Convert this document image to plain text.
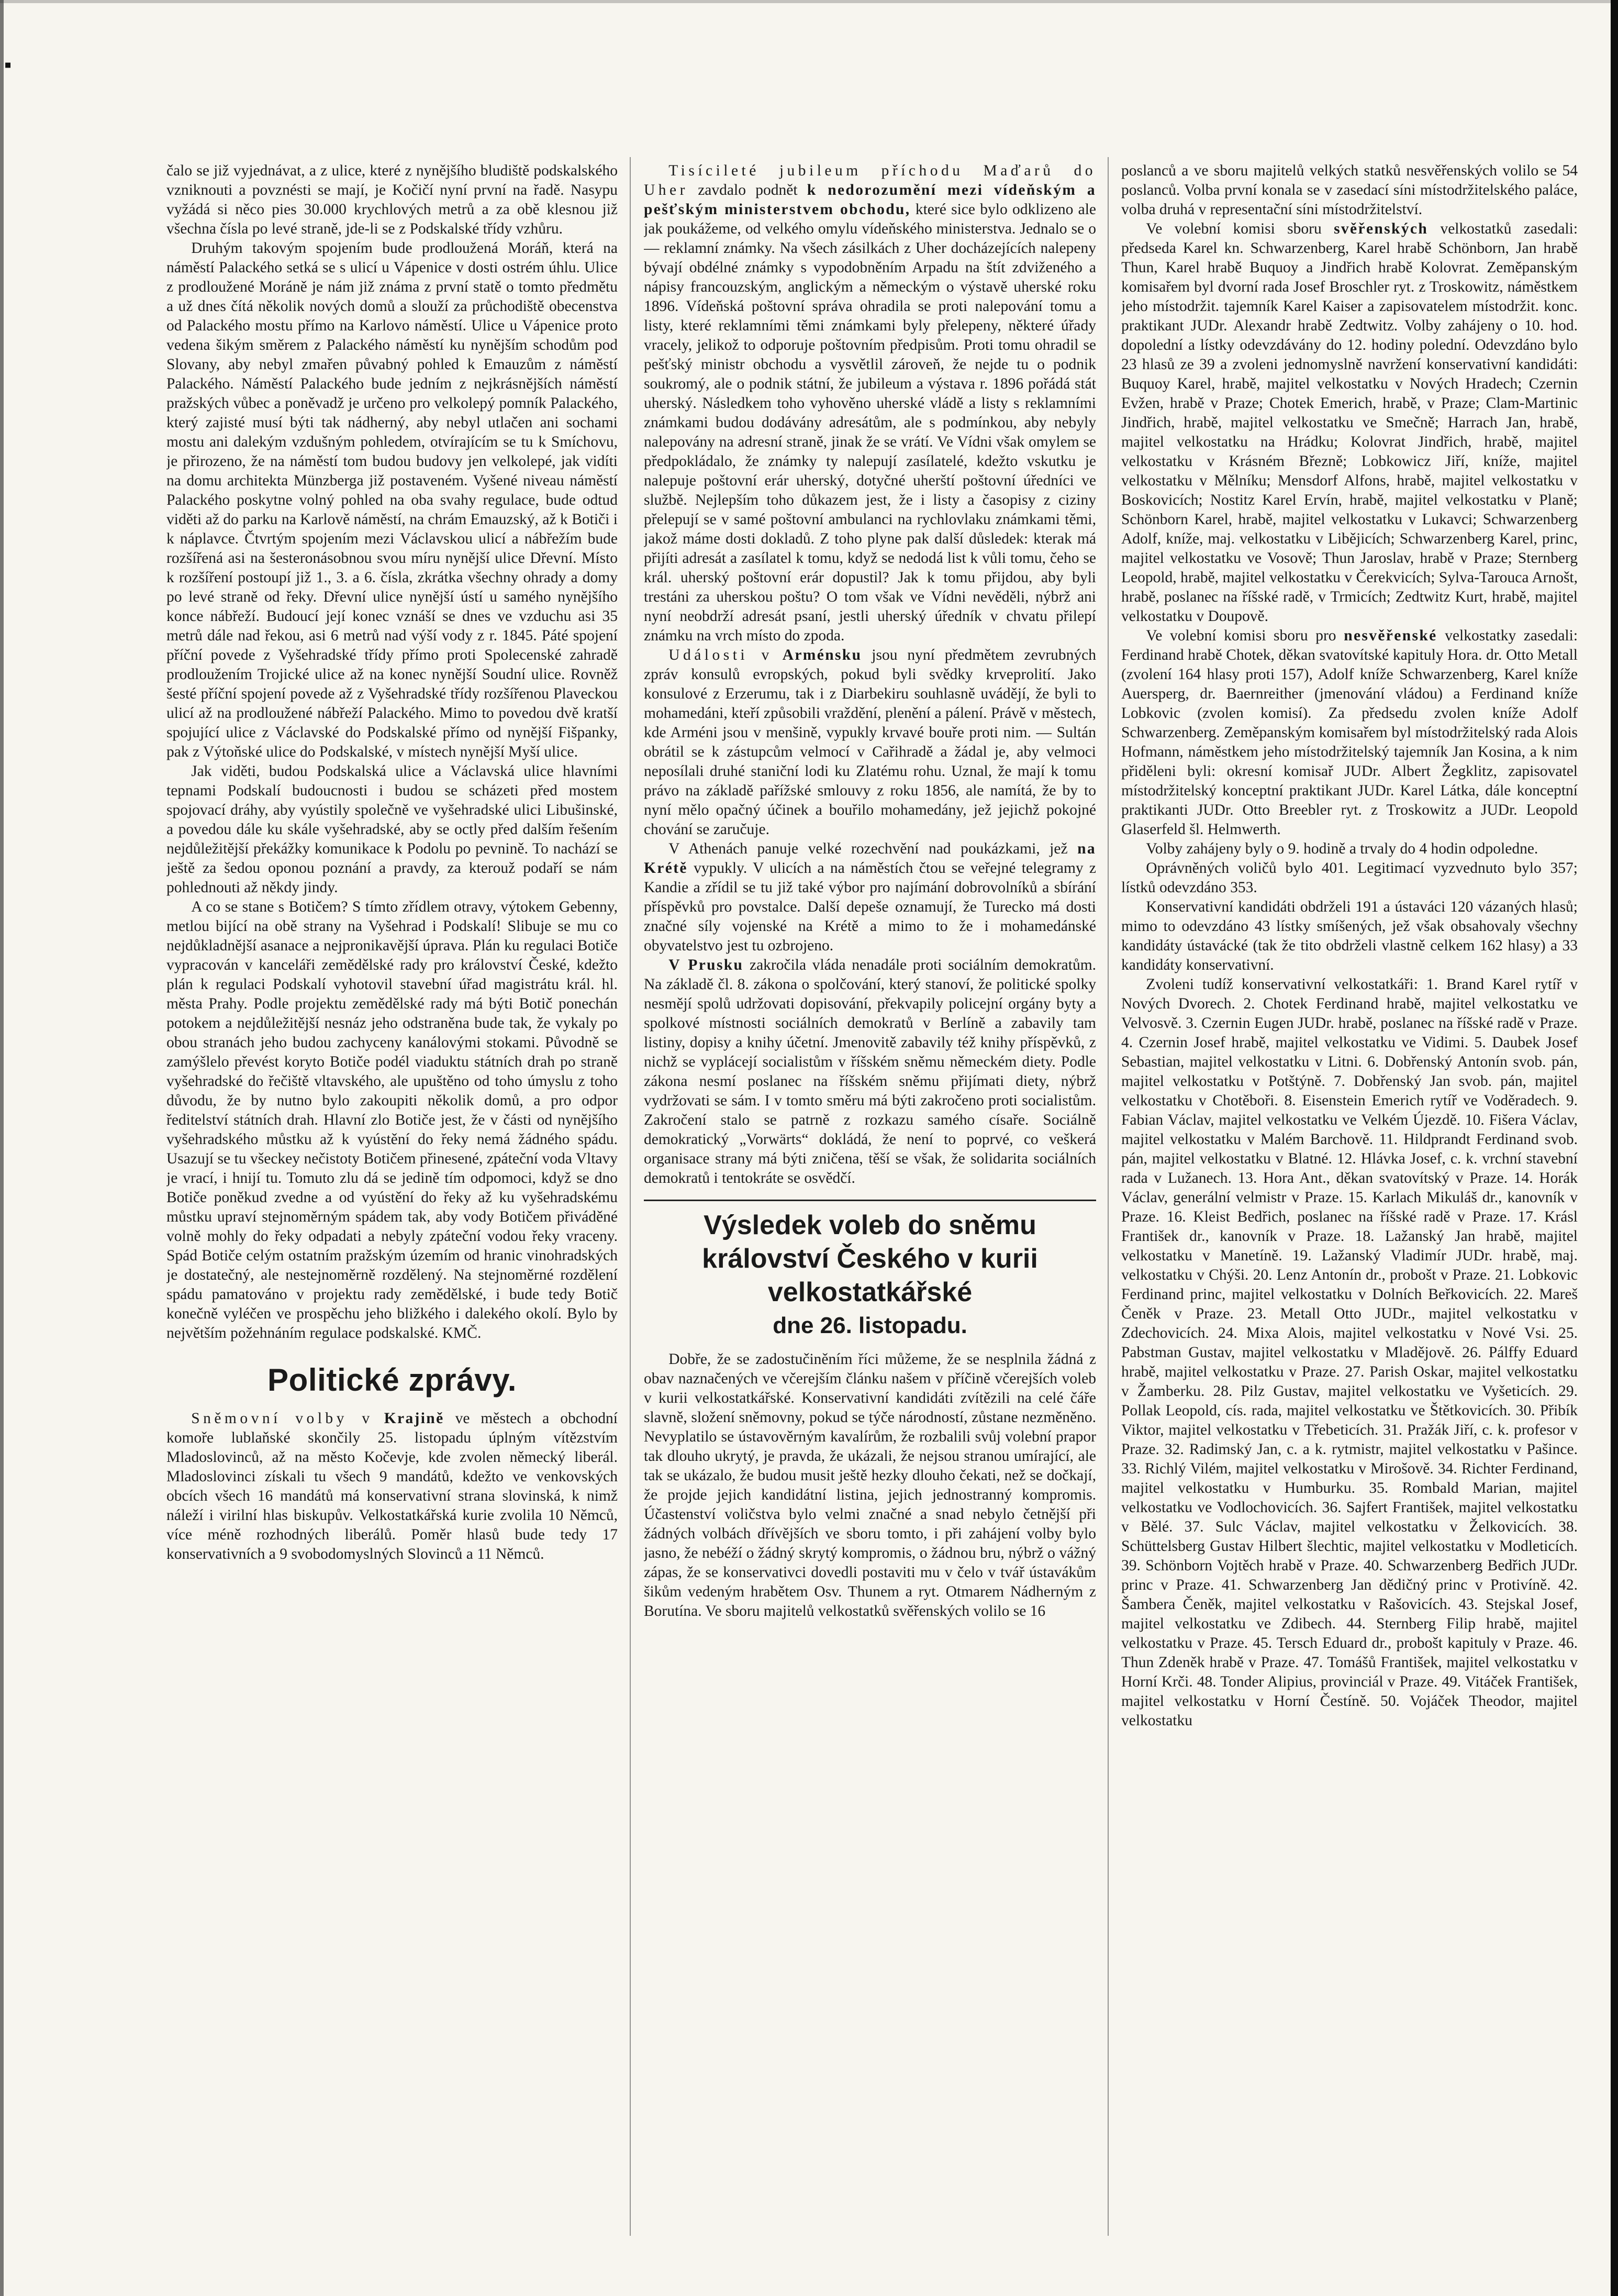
▪

čalo se již vyjednávat, a z ulice, které z nynějšího bludiště podskalského vzniknouti a povznésti se mají, je Kočičí nyní první na řadě. Nasypu vyžádá si něco pies 30.000 krychlových metrů a za obě klesnou již všechna čísla po levé straně, jde-li se z Podskalské třídy vzhůru.

Druhým takovým spojením bude prodloužená Moráň, která na náměstí Palackého setká se s ulicí u Vápenice v dosti ostrém úhlu. Ulice z prodloužené Moráně je nám již známa z první statě o tomto předmětu a už dnes čítá několik nových domů a slouží za průchodiště obecenstva od Palackého mostu přímo na Karlovo náměstí. Ulice u Vápenice proto vedena šikým směrem z Palackého náměstí ku nynějším schodům pod Slovany, aby nebyl zmařen půvabný pohled k Emauzům z náměstí Palackého. Náměstí Palackého bude jedním z nejkrásnějších náměstí pražských vůbec a poněvadž je určeno pro velkolepý pomník Palackého, který zajisté musí býti tak nádherný, aby nebyl utlačen ani sochami mostu ani dalekým vzdušným pohledem, otvírajícím se tu k Smíchovu, je přirozeno, že na náměstí tom budou budovy jen velkolepé, jak vidíti na domu architekta Münzberga již postaveném. Vyšené niveau náměstí Palackého poskytne volný pohled na oba svahy regulace, bude odtud viděti až do parku na Karlově náměstí, na chrám Emauzský, až k Botiči i k náplavce. Čtvrtým spojením mezi Václavskou ulicí a nábřežím bude rozšířená asi na šesteronásobnou svou míru nynější ulice Dřevní. Místo k rozšíření postoupí již 1., 3. a 6. čísla, zkrátka všechny ohrady a domy po levé straně od řeky. Dřevní ulice nynější ústí u samého nynějšího konce nábřeží. Budoucí její konec vznáší se dnes ve vzduchu asi 35 metrů dále nad řekou, asi 6 metrů nad výší vody z r. 1845. Páté spojení příční povede z Vyšehradské třídy přímo proti Spolecenské zahradě prodloužením Trojické ulice až na konec nynější Soudní ulice. Rovněž šesté příční spojení povede až z Vyšehradské třídy rozšířenou Plaveckou ulicí až na prodloužené nábřeží Palackého. Mimo to povedou dvě kratší spojující ulice z Václavské do Podskalské přímo od nynější Fišpanky, pak z Výtoňské ulice do Podskalské, v místech nynější Myší ulice.

Jak viděti, budou Podskalská ulice a Václavská ulice hlavními tepnami Podskalí budoucnosti i budou se scházeti před mostem spojovací dráhy, aby vyústily společně ve vyšehradské ulici Libušinské, a povedou dále ku skále vyšehradské, aby se octly před dalším řešením nejdůležitější překážky komunikace k Podolu po pevnině. To nachází se ještě za šedou oponou poznání a pravdy, za kterouž podaří se nám pohlednouti až někdy jindy.

A co se stane s Botičem? S tímto zřídlem otravy, výtokem Gebenny, metlou bijící na obě strany na Vyšehrad i Podskalí! Slibuje se mu co nejdůkladnější asanace a nejpronikavější úprava. Plán ku regulaci Botiče vypracován v kanceláři zemědělské rady pro království České, kdežto plán k regulaci Podskalí vyhotovil stavební úřad magistrátu král. hl. města Prahy. Podle projektu zemědělské rady má býti Botič ponechán potokem a nejdůležitější nesnáz jeho odstraněna bude tak, že vykaly po obou stranách jeho budou zachyceny kanálovými stokami. Původně se zamýšlelo převést koryto Botiče podél viaduktu státních drah po straně vyšehradské do řečiště vltavského, ale upuštěno od toho úmyslu z toho důvodu, že by nutno bylo zakoupiti několik domů, a pro odpor ředitelství státních drah. Hlavní zlo Botiče jest, že v části od nynějšího vyšehradského můstku až k vyústění do řeky nemá žádného spádu. Usazují se tu všeckey nečistoty Botičem přinesené, zpáteční voda Vltavy je vrací, i hnijí tu. Tomuto zlu dá se jedině tím odpomoci, když se dno Botiče poněkud zvedne a od vyústění do řeky až ku vyšehradskému můstku upraví stejnoměrným spádem tak, aby vody Botičem přiváděné volně mohly do řeky odpadati a nebyly zpáteční vodou řeky vraceny. Spád Botiče celým ostatním pražským územím od hranic vinohradských je dostatečný, ale nestejnoměrně rozdělený. Na stejnoměrné rozdělení spádu pamatováno v projektu rady zemědělské, i bude tedy Botič konečně vyléčen ve prospěchu jeho bližkého i dalekého okolí. Bylo by největším požehnáním regulace podskalské. KMČ.

Politické zprávy.

Sněmovní volby v Krajině ve městech a obchodní komoře lublaňské skončily 25. listopadu úplným vítězstvím Mladoslovinců, až na město Kočevje, kde zvolen německý liberál. Mladoslovinci získali tu všech 9 mandátů, kdežto ve venkovských obcích všech 16 mandátů má konservativní strana slovinská, k nimž náleží i virilní hlas biskupův. Velkostatkářská kurie zvolila 10 Němců, více méně rozhodných liberálů. Poměr hlasů bude tedy 17 konservativních a 9 svobodomyslných Slovinců a 11 Němců.

Tisícileté jubileum příchodu Maďarů do Uher zavdalo podnět k nedorozumění mezi vídeňským a pešťským ministerstvem obchodu, které sice bylo odklizeno ale jak poukážeme, od velkého omylu vídeňského ministerstva. Jednalo se o — reklamní známky. Na všech zásilkách z Uher docházejících nalepeny bývají obdélné známky s vypodobněním Arpadu na štít zdviženého a nápisy francouzským, anglickým a německým o výstavě uherské roku 1896. Vídeňská poštovní správa ohradila se proti nalepování tomu a listy, které reklamními těmi známkami byly přelepeny, některé úřady vracely, jelikož to odporuje poštovním předpisům. Proti tomu ohradil se pešťský ministr obchodu a vysvětlil zároveň, že nejde tu o podnik soukromý, ale o podnik státní, že jubileum a výstava r. 1896 pořádá stát uherský. Následkem toho vyhověno uherské vládě a listy s reklamními známkami budou dodávány adresátům, ale s podmínkou, aby nebyly nalepovány na adresní straně, jinak že se vrátí. Ve Vídni však omylem se předpokládalo, že známky ty nalepují zasílatelé, kdežto vskutku je nalepuje poštovní erár uherský, dotyčné uherští poštovní úředníci ve službě. Nejlepším toho důkazem jest, že i listy a časopisy z ciziny přelepují se v samé poštovní ambulanci na rychlovlaku známkami těmi, jakož máme dosti dokladů. Z toho plyne pak další důsledek: kterak má přijíti adresát a zasílatel k tomu, když se nedodá list k vůli tomu, čeho se král. uherský poštovní erár dopustil? Jak k tomu přijdou, aby byli trestáni za uherskou poštu? O tom však ve Vídni nevěděli, nýbrž ani nyní neobdrží adresát psaní, jestli uherský úředník v chvatu přilepí známku na vrch místo do zpoda.

Události v Arménsku jsou nyní předmětem zevrubných zpráv konsulů evropských, pokud byli svědky krveprolití. Jako konsulové z Erzerumu, tak i z Diarbekiru souhlasně uvádějí, že byli to mohamedáni, kteří způsobili vraždění, plenění a pálení. Právě v městech, kde Arméni jsou v menšině, vypukly krvavé bouře proti nim. — Sultán obrátil se k zástupcům velmocí v Cařihradě a žádal je, aby velmoci neposílali druhé staniční lodi ku Zlatému rohu. Uznal, že mají k tomu právo na základě pařížské smlouvy z roku 1856, ale namítá, že by to nyní mělo opačný účinek a bouřilo mohamedány, jež jejichž pokojné chování se zaručuje.

V Athenách panuje velké rozechvění nad poukázkami, jež na Krétě vypukly. V ulicích a na náměstích čtou se veřejné telegramy z Kandie a zřídil se tu již také výbor pro najímání dobrovolníků a sbírání příspěvků pro povstalce. Další depeše oznamují, že Turecko má dosti značné síly vojenské na Krétě a mimo to že i mohamedánské obyvatelstvo jest tu ozbrojeno.

V Prusku zakročila vláda nenadále proti sociálním demokratům. Na základě čl. 8. zákona o spolčování, který stanoví, že politické spolky nesmějí spolů udržovati dopisování, překvapily policejní orgány byty a spolkové místnosti sociálních demokratů v Berlíně a zabavily tam listiny, dopisy a knihy účetní. Jmenovitě zabavily též knihy příspěvků, z nichž se vyplácejí socialistům v říšském sněmu německém diety. Podle zákona nesmí poslanec na říšském sněmu přijímati diety, nýbrž vydržovati se sám. I v tomto směru má býti zakročeno proti socialistům. Zakročení stalo se patrně z rozkazu samého císaře. Sociálně demokratický „Vorwärts“ dokládá, že není to poprvé, co veškerá organisace strany má býti zničena, těší se však, že solidarita sociálních demokratů i tentokráte se osvědčí.

Výsledek voleb do sněmu království Českého v kurii velkostatkářské
dne 26. listopadu.

Dobře, že se zadostučiněním říci můžeme, že se nesplnila žádná z obav naznačených ve včerejším článku našem v příčině včerejších voleb v kurii velkostatkářské. Konservativní kandidáti zvítězili na celé čáře slavně, složení sněmovny, pokud se týče národností, zůstane nezměněno. Nevyplatilo se ústavověrným kavalírům, že rozbalili svůj volební prapor tak dlouho ukrytý, je pravda, že ukázali, že nejsou stranou umírající, ale tak se ukázalo, že budou musit ještě hezky dlouho čekati, než se dočkají, že projde jejich kandidátní listina, jejich jednostranný kompromis. Účastenství voličstva bylo velmi značné a snad nebylo četnější při žádných volbách dřívějších ve sboru tomto, i při zahájení volby bylo jasno, že nebéží o žádný skrytý kompromis, o žádnou bru, nýbrž o vážný zápas, že se konservativci dovedli postaviti mu v čelo v tvář ústavákům šikům vedeným hrabětem Osv. Thunem a ryt. Otmarem Nádherným z Borutína. Ve sboru majitelů velkostatků svěřenských volilo se 16

poslanců a ve sboru majitelů velkých statků nesvěřenských volilo se 54 poslanců. Volba první konala se v zasedací síni místodržitelského paláce, volba druhá v representační síni místodržitelství.

Ve volební komisi sboru svěřenských velkostatků zasedali: předseda Karel kn. Schwarzenberg, Karel hrabě Schönborn, Jan hrabě Thun, Karel hrabě Buquoy a Jindřich hrabě Kolovrat. Zeměpanským komisařem byl dvorní rada Josef Broschler ryt. z Troskowitz, náměstkem jeho místodržit. tajemník Karel Kaiser a zapisovatelem místodržit. konc. praktikant JUDr. Alexandr hrabě Zedtwitz. Volby zahájeny o 10. hod. dopolední a lístky odevzdávány do 12. hodiny polední. Odevzdáno bylo 23 hlasů ze 39 a zvoleni jednomyslně navržení konservativní kandidáti: Buquoy Karel, hrabě, majitel velkostatku v Nových Hradech; Czernin Evžen, hrabě v Praze; Chotek Emerich, hrabě, v Praze; Clam-Martinic Jindřich, hrabě, majitel velkostatku ve Smečně; Harrach Jan, hrabě, majitel velkostatku na Hrádku; Kolovrat Jindřich, hrabě, majitel velkostatku v Krásném Březně; Lobkowicz Jiří, kníže, majitel velkostatku v Mělníku; Mensdorf Alfons, hrabě, majitel velkostatku v Boskovicích; Nostitz Karel Ervín, hrabě, majitel velkostatku v Planě; Schönborn Karel, hrabě, majitel velkostatku v Lukavci; Schwarzenberg Adolf, kníže, maj. velkostatku v Libějicích; Schwarzenberg Karel, princ, majitel velkostatku ve Vosově; Thun Jaroslav, hrabě v Praze; Sternberg Leopold, hrabě, majitel velkostatku v Čerekvicích; Sylva-Tarouca Arnošt, hrabě, poslanec na říšské radě, v Trmicích; Zedtwitz Kurt, hrabě, majitel velkostatku v Doupově.

Ve volební komisi sboru pro nesvěřenské velkostatky zasedali: Ferdinand hrabě Chotek, děkan svatovítské kapituly Hora. dr. Otto Metall (zvolení 164 hlasy proti 157), Adolf kníže Schwarzenberg, Karel kníže Auersperg, dr. Baernreither (jmenování vládou) a Ferdinand kníže Lobkovic (zvolen komisí). Za předsedu zvolen kníže Adolf Schwarzenberg. Zeměpanským komisařem byl místodržitelský rada Alois Hofmann, náměstkem jeho místodržitelský tajemník Jan Kosina, a k nim přiděleni byli: okresní komisař JUDr. Albert Žegklitz, zapisovatel místodržitelský konceptní praktikant JUDr. Karel Látka, dále konceptní praktikanti JUDr. Otto Breebler ryt. z Troskowitz a JUDr. Leopold Glaserfeld šl. Helmwerth.

Volby zahájeny byly o 9. hodině a trvaly do 4 hodin odpoledne.

Oprávněných voličů bylo 401. Legitimací vyzvednuto bylo 357; lístků odevzdáno 353.

Konservativní kandidáti obdrželi 191 a ústaváci 120 vázaných hlasů; mimo to odevzdáno 43 lístky smíšených, jež však obsahovaly všechny kandidáty ústavácké (tak že tito obdrželi vlastně celkem 162 hlasy) a 33 kandidáty konservativní.

Zvoleni tudíž konservativní velkostatkáři: 1. Brand Karel rytíř v Nových Dvorech. 2. Chotek Ferdinand hrabě, majitel velkostatku ve Velvosvě. 3. Czernin Eugen JUDr. hrabě, poslanec na říšské radě v Praze. 4. Czernin Josef hrabě, majitel velkostatku ve Vidimi. 5. Daubek Josef Sebastian, majitel velkostatku v Litni. 6. Dobřenský Antonín svob. pán, majitel velkostatku v Potštýně. 7. Dobřenský Jan svob. pán, majitel velkostatku v Chotěboři. 8. Eisenstein Emerich rytíř ve Voděradech. 9. Fabian Václav, majitel velkostatku ve Velkém Újezdě. 10. Fišera Václav, majitel velkostatku v Malém Barchově. 11. Hildprandt Ferdinand svob. pán, majitel velkostatku v Blatné. 12. Hlávka Josef, c. k. vrchní stavební rada v Lužanech. 13. Hora Ant., děkan svatovítský v Praze. 14. Horák Václav, generální velmistr v Praze. 15. Karlach Mikuláš dr., kanovník v Praze. 16. Kleist Bedřich, poslanec na říšské radě v Praze. 17. Krásl František dr., kanovník v Praze. 18. Lažanský Jan hrabě, majitel velkostatku v Manetíně. 19. Lažanský Vladimír JUDr. hrabě, maj. velkostatku v Chýši. 20. Lenz Antonín dr., probošt v Praze. 21. Lobkovic Ferdinand princ, majitel velkostatku v Dolních Beřkovicích. 22. Mareš Čeněk v Praze. 23. Metall Otto JUDr., majitel velkostatku v Zdechovicích. 24. Mixa Alois, majitel velkostatku v Nové Vsi. 25. Pabstman Gustav, majitel velkostatku v Mladějově. 26. Pálffy Eduard hrabě, majitel velkostatku v Praze. 27. Parish Oskar, majitel velkostatku v Žamberku. 28. Pilz Gustav, majitel velkostatku ve Vyšeticích. 29. Pollak Leopold, cís. rada, majitel velkostatku ve Štětkovicích. 30. Přibík Viktor, majitel velkostatku v Třebeticích. 31. Pražák Jiří, c. k. profesor v Praze. 32. Radimský Jan, c. a k. rytmistr, majitel velkostatku v Pašince. 33. Richlý Vilém, majitel velkostatku v Mirošově. 34. Richter Ferdinand, majitel velkostatku v Humburku. 35. Rombald Marian, majitel velkostatku ve Vodlochovicích. 36. Sajfert František, majitel velkostatku v Bělé. 37. Sulc Václav, majitel velkostatku v Želkovicích. 38. Schüttelsberg Gustav Hilbert šlechtic, majitel velkostatku v Modleticích. 39. Schönborn Vojtěch hrabě v Praze. 40. Schwarzenberg Bedřich JUDr. princ v Praze. 41. Schwarzenberg Jan dědičný princ v Protivíně. 42. Šambera Čeněk, majitel velkostatku v Rašovicích. 43. Stejskal Josef, majitel velkostatku ve Zdibech. 44. Sternberg Filip hrabě, majitel velkostatku v Praze. 45. Tersch Eduard dr., probošt kapituly v Praze. 46. Thun Zdeněk hrabě v Praze. 47. Tomášů František, majitel velkostatku v Horní Krči. 48. Tonder Alipius, provinciál v Praze. 49. Vitáček František, majitel velkostatku v Horní Čestíně. 50. Vojáček Theodor, majitel velkostatku
